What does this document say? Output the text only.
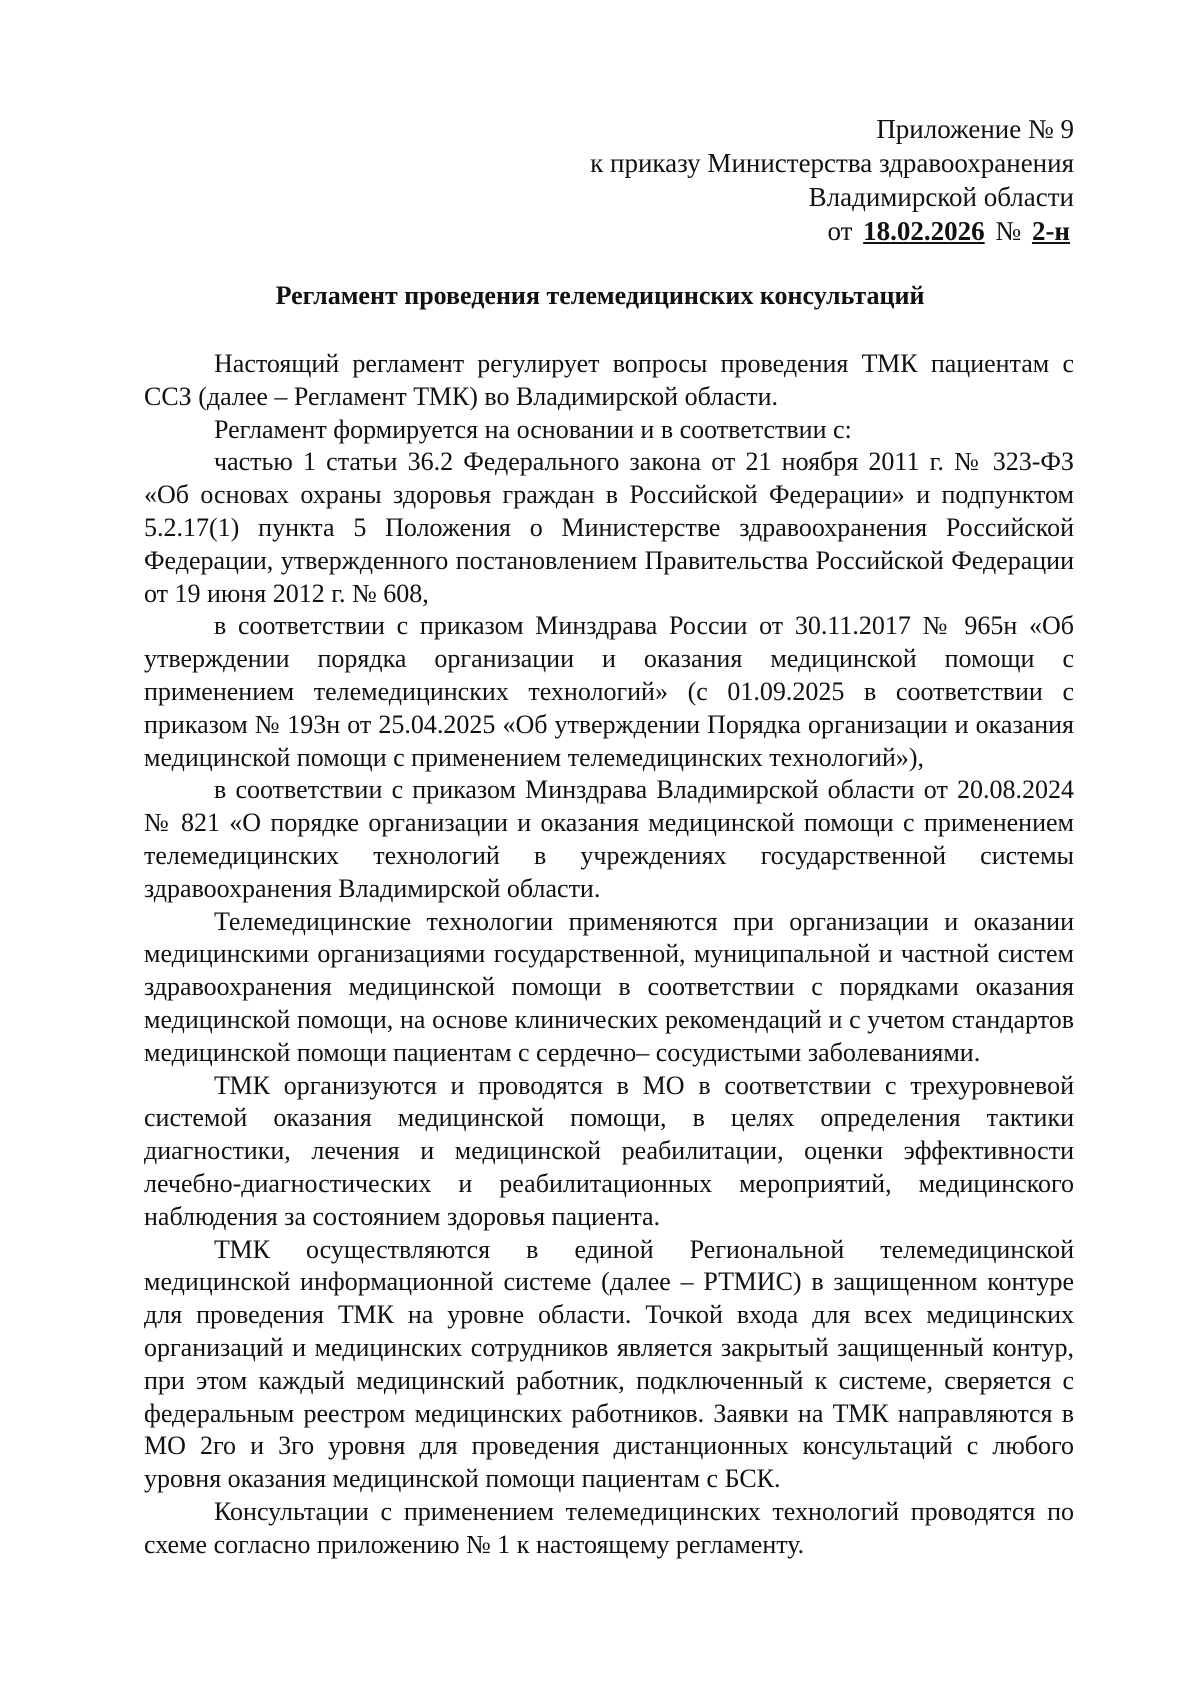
Приложение № 9
к приказу Министерства здравоохранения
Владимирской области
от 18.02.2026 № 2-н
Регламент проведения телемедицинских консультаций

Настоящий регламент регулирует вопросы проведения ТМК пациентам с ССЗ (далее – Регламент ТМК) во Владимирской области.

Регламент формируется на основании и в соответствии с:

частью 1 статьи 36.2 Федерального закона от 21 ноября 2011 г. № 323-ФЗ «Об основах охраны здоровья граждан в Российской Федерации» и подпунктом 5.2.17(1) пункта 5 Положения о Министерстве здравоохранения Российской Федерации, утвержденного постановлением Правительства Российской Федерации от 19 июня 2012 г. № 608,

в соответствии с приказом Минздрава России от 30.11.2017 № 965н «Об утверждении порядка организации и оказания медицинской помощи с применением телемедицинских технологий» (с 01.09.2025 в соответствии с приказом № 193н от 25.04.2025 «Об утверждении Порядка организации и оказания медицинской помощи с применением телемедицинских технологий»),

в соответствии с приказом Минздрава Владимирской области от 20.08.2024 № 821 «О порядке организации и оказания медицинской помощи с применением телемедицинских технологий в учреждениях государственной системы здравоохранения Владимирской области.

Телемедицинские технологии применяются при организации и оказании медицинскими организациями государственной, муниципальной и частной систем здравоохранения медицинской помощи в соответствии с порядками оказания медицинской помощи, на основе клинических рекомендаций и с учетом стандартов медицинской помощи пациентам с сердечно– сосудистыми заболеваниями.

ТМК организуются и проводятся в МО в соответствии с трехуровневой системой оказания медицинской помощи, в целях определения тактики диагностики, лечения и медицинской реабилитации, оценки эффективности лечебно-диагностических и реабилитационных мероприятий, медицинского наблюдения за состоянием здоровья пациента.

ТМК осуществляются в единой Региональной телемедицинской медицинской информационной системе (далее – РТМИС) в защищенном контуре для проведения ТМК на уровне области. Точкой входа для всех медицинских организаций и медицинских сотрудников является закрытый защищенный контур, при этом каждый медицинский работник, подключенный к системе, сверяется с федеральным реестром медицинских работников. Заявки на ТМК направляются в МО 2го и 3го уровня для проведения дистанционных консультаций с любого уровня оказания медицинской помощи пациентам с БСК.

Консультации с применением телемедицинских технологий проводятся по схеме согласно приложению № 1 к настоящему регламенту.
